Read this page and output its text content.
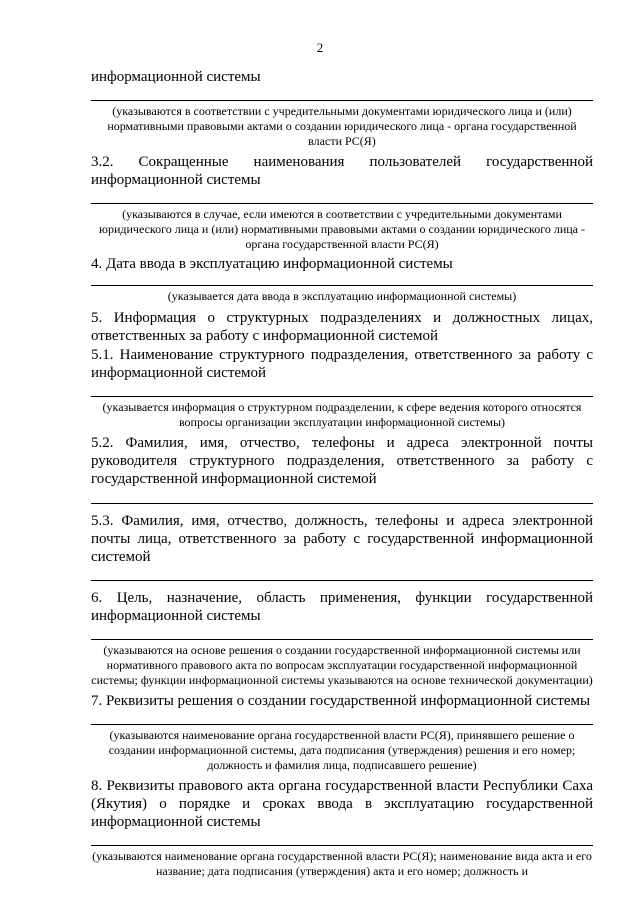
2

информационной системы

(указываются в соответствии с учредительными документами юридического лица и (или) нормативными правовыми актами о создании юридического лица - органа государственной власти РС(Я)

3.2. Сокращенные наименования пользователей государственной информационной системы

(указываются в случае, если имеются в соответствии с учредительными документами юридического лица и (или) нормативными правовыми актами о создании юридического лица - органа государственной власти РС(Я)

4. Дата ввода в эксплуатацию информационной системы

(указывается дата ввода в эксплуатацию информационной системы)

5. Информация о структурных подразделениях и должностных лицах, ответственных за работу с информационной системой

5.1. Наименование структурного подразделения, ответственного за работу с информационной системой

(указывается информация о структурном подразделении, к сфере ведения которого относятся вопросы организации эксплуатации информационной системы)

5.2. Фамилия, имя, отчество, телефоны и адреса электронной почты руководителя структурного подразделения, ответственного за работу с государственной информационной системой

5.3. Фамилия, имя, отчество, должность, телефоны и адреса электронной почты лица, ответственного за работу с государственной информационной системой

6. Цель, назначение, область применения, функции государственной информационной системы

(указываются на основе решения о создании государственной информационной системы или нормативного правового акта по вопросам эксплуатации государственной информационной системы; функции информационной системы указываются на основе технической документации)

7. Реквизиты решения о создании государственной информационной системы

(указываются наименование органа государственной власти РС(Я), принявшего решение о создании информационной системы, дата подписания (утверждения) решения и его номер; должность и фамилия лица, подписавшего решение)

8. Реквизиты правового акта органа государственной власти Республики Саха (Якутия) о порядке и сроках ввода в эксплуатацию государственной информационной системы

(указываются наименование органа государственной власти РС(Я); наименование вида акта и его название; дата подписания (утверждения) акта и его номер; должность и
